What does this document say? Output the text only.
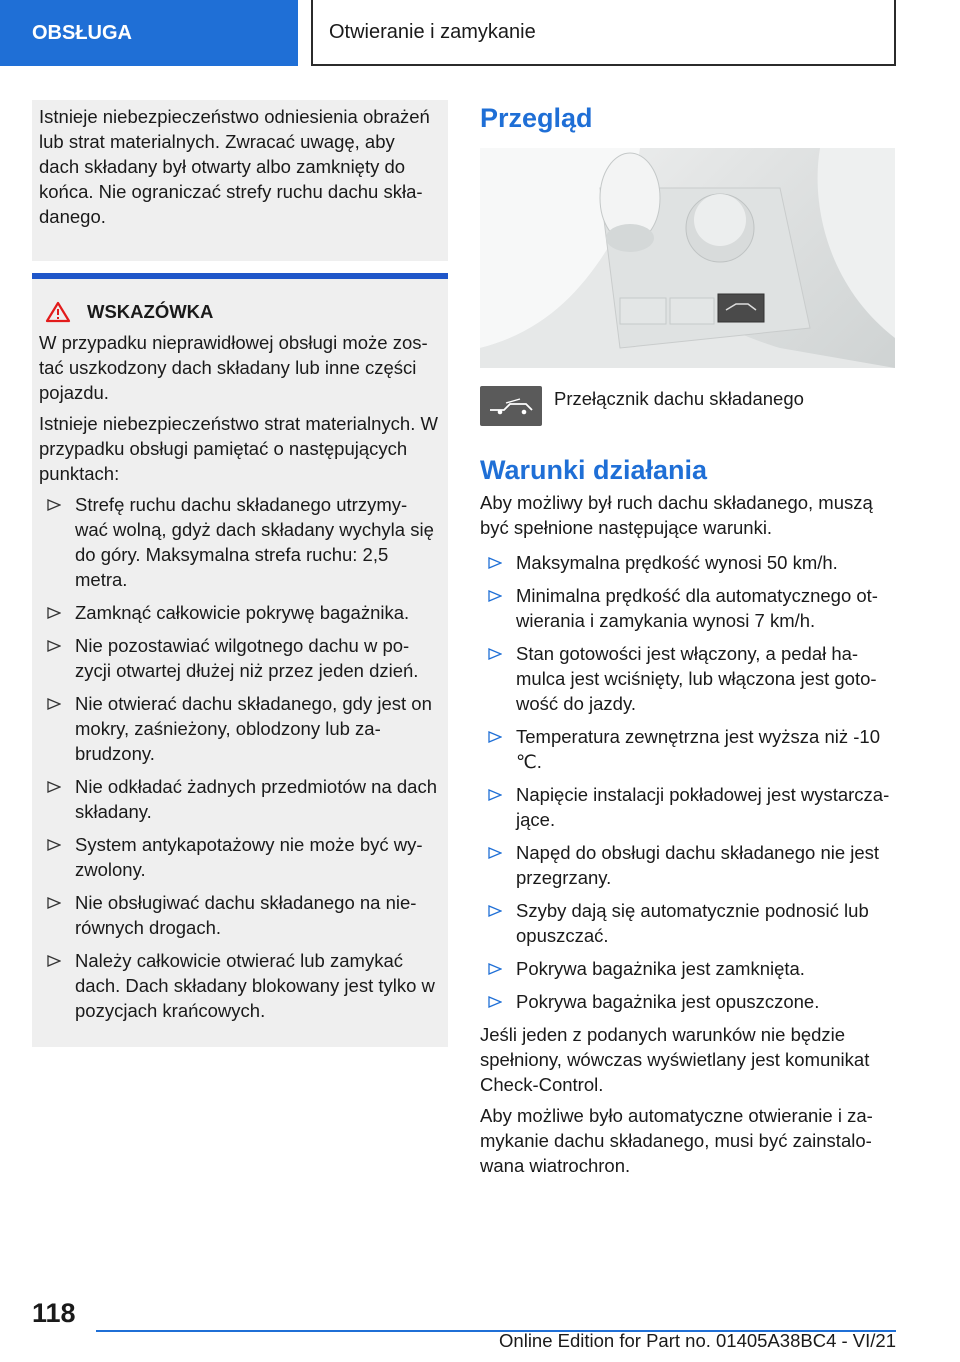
OBSŁUGA	Otwieranie i zamykanie

Istnieje niebezpieczeństwo odniesienia obrażeń lub strat materialnych. Zwracać uwagę, aby dach składany był otwarty albo zamknięty do końca. Nie ograniczać strefy ruchu dachu skła-danego.

WSKAZÓWKA

W przypadku nieprawidłowej obsługi może zos-tać uszkodzony dach składany lub inne części pojazdu.

Istnieje niebezpieczeństwo strat materialnych. W przypadku obsługi pamiętać o następujących punktach:

Strefę ruchu dachu składanego utrzymy-wać wolną, gdyż dach składany wychyla się do góry. Maksymalna strefa ruchu: 2,5 metra.
Zamknąć całkowicie pokrywę bagażnika.
Nie pozostawiać wilgotnego dachu w po-zycji otwartej dłużej niż przez jeden dzień.
Nie otwierać dachu składanego, gdy jest on mokry, zaśnieżony, oblodzony lub za-brudzony.
Nie odkładać żadnych przedmiotów na dach składany.
System antykapotażowy nie może być wy-zwolony.
Nie obsługiwać dachu składanego na nie-równych drogach.
Należy całkowicie otwierać lub zamykać dach. Dach składany blokowany jest tylko w pozycjach krańcowych.
Przegląd
Przełącznik dachu składanego
Warunki działania

Aby możliwy był ruch dachu składanego, muszą być spełnione następujące warunki.

Maksymalna prędkość wynosi 50 km/h.
Minimalna prędkość dla automatycznego ot-wierania i zamykania wynosi 7 km/h.
Stan gotowości jest włączony, a pedał ha-mulca jest wciśnięty, lub włączona jest goto-wość do jazdy.
Temperatura zewnętrzna jest wyższa niż -10 ℃.
Napięcie instalacji pokładowej jest wystarcza-jące.
Napęd do obsługi dachu składanego nie jest przegrzany.
Szyby dają się automatycznie podnosić lub opuszczać.
Pokrywa bagażnika jest zamknięta.
Pokrywa bagażnika jest opuszczone.

Jeśli jeden z podanych warunków nie będzie spełniony, wówczas wyświetlany jest komunikat Check-Control.

Aby możliwe było automatyczne otwieranie i za-mykanie dachu składanego, musi być zainstalo-wana wiatrochron.

118
Online Edition for Part no. 01405A38BC4 - VI/21
